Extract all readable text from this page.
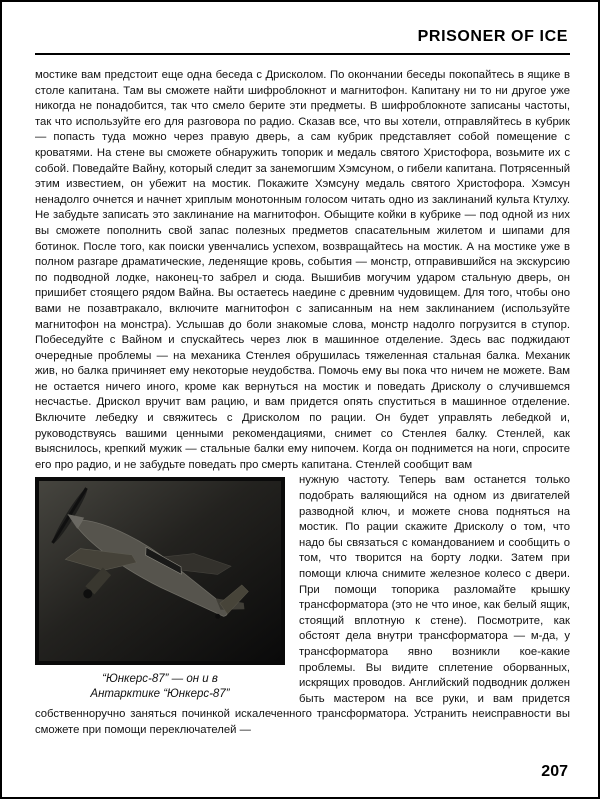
PRISONER OF ICE

мостике вам предстоит еще одна беседа с Дрисколом. По окончании беседы покопайтесь в ящике в столе капитана. Там вы сможете найти шифроблокнот и магнитофон. Капитану ни то ни другое уже никогда не понадобится, так что смело берите эти предметы. В шифроблокноте записаны частоты, так что используйте его для разговора по радио. Сказав все, что вы хотели, отправляйтесь в кубрик — попасть туда можно через правую дверь, а сам кубрик представляет собой помещение с кроватями. На стене вы сможете обнаружить топорик и медаль святого Христофора, возьмите их с собой. Поведайте Вайну, который следит за занемогшим Хэмсуном, о гибели капитана. Потрясенный этим известием, он убежит на мостик. Покажите Хэмсуну медаль святого Христофора. Хэмсун ненадолго очнется и начнет хриплым монотонным голосом читать одно из заклинаний культа Ктулху. Не забудьте записать это заклинание на магнитофон. Обыщите койки в кубрике — под одной из них вы сможете пополнить свой запас полезных предметов спасательным жилетом и шипами для ботинок. После того, как поиски увенчались успехом, возвращайтесь на мостик. А на мостике уже в полном разгаре драматические, леденящие кровь, события — монстр, отправившийся на экскурсию по подводной лодке, наконец-то забрел и сюда. Вышибив могучим ударом стальную дверь, он пришибет стоящего рядом Вайна. Вы остаетесь наедине с древним чудовищем. Для того, чтобы оно вами не позавтракало, включите магнитофон с записанным на нем заклинанием (используйте магнитофон на монстра). Услышав до боли знакомые слова, монстр надолго погрузится в ступор. Побеседуйте с Вайном и спускайтесь через люк в машинное отделение. Здесь вас поджидают очередные проблемы — на механика Стенлея обрушилась тяжеленная стальная балка. Механик жив, но балка причиняет ему некоторые неудобства. Помочь ему вы пока что ничем не можете. Вам не остается ничего иного, кроме как вернуться на мостик и поведать Дрисколу о случившемся несчастье. Дрискол вручит вам рацию, и вам придется опять спуститься в машинное отделение. Включите лебедку и свяжитесь с Дрисколом по рации. Он будет управлять лебедкой и, руководствуясь вашими ценными рекомендациями, снимет со Стенлея балку. Стенлей, как выяснилось, крепкий мужик — стальные балки ему нипочем. Когда он поднимется на ноги, спросите его про радио, и не забудьте поведать про смерть капитана. Стенлей сообщит вам

“Юнкерс-87” — он и в
Антарктике “Юнкерс-87”

нужную частоту. Теперь вам останется только подобрать валяющийся на одном из двигателей разводной ключ, и можете снова подняться на мостик. По рации скажите Дрисколу о том, что надо бы связаться с командованием и сообщить о том, что творится на борту лодки. Затем при помощи ключа снимите железное колесо с двери. При помощи топорика разломайте крышку трансформатора (это не что иное, как белый ящик, стоящий вплотную к стене). Посмотрите, как обстоят дела внутри трансформатора — м-да, у трансформатора явно возникли кое-какие проблемы. Вы видите сплетение оборванных, искрящих проводов. Английский подводник должен быть мастером на все руки, и вам придется собственноручно заняться починкой искалеченного трансформатора. Устранить неисправности вы сможете при помощи переключателей —

207
